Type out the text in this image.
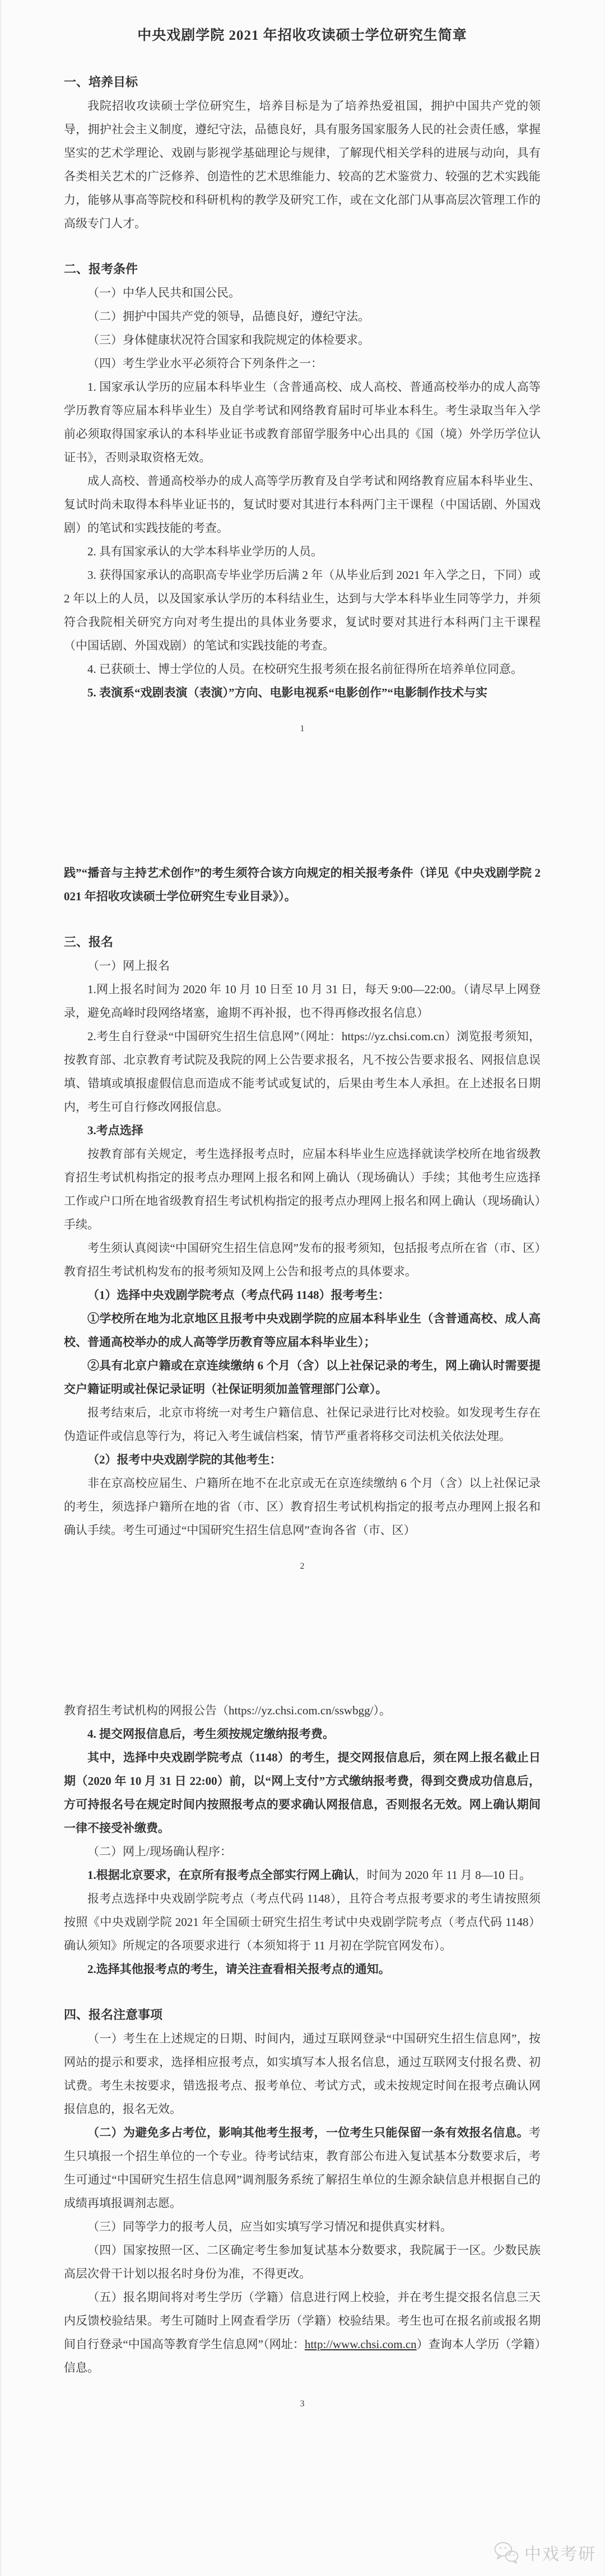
中央戏剧学院 2021 年招收攻读硕士学位研究生简章
一、培养目标

我院招收攻读硕士学位研究生，培养目标是为了培养热爱祖国，拥护中国共产党的领导，拥护社会主义制度，遵纪守法，品德良好，具有服务国家服务人民的社会责任感，掌握坚实的艺术学理论、戏剧与影视学基础理论与规律，了解现代相关学科的进展与动向，具有各类相关艺术的广泛修养、创造性的艺术思维能力、较高的艺术鉴赏力、较强的艺术实践能力，能够从事高等院校和科研机构的教学及研究工作，或在文化部门从事高层次管理工作的高级专门人才。

二、报考条件

（一）中华人民共和国公民。

（二）拥护中国共产党的领导，品德良好，遵纪守法。

（三）身体健康状况符合国家和我院规定的体检要求。

（四）考生学业水平必须符合下列条件之一：

1. 国家承认学历的应届本科毕业生（含普通高校、成人高校、普通高校举办的成人高等学历教育等应届本科毕业生）及自学考试和网络教育届时可毕业本科生。考生录取当年入学前必须取得国家承认的本科毕业证书或教育部留学服务中心出具的《国（境）外学历学位认证书》，否则录取资格无效。

成人高校、普通高校举办的成人高等学历教育及自学考试和网络教育应届本科毕业生、复试时尚未取得本科毕业证书的，复试时要对其进行本科两门主干课程（中国话剧、外国戏剧）的笔试和实践技能的考查。

2. 具有国家承认的大学本科毕业学历的人员。

3. 获得国家承认的高职高专毕业学历后满 2 年（从毕业后到 2021 年入学之日，下同）或 2 年以上的人员，以及国家承认学历的本科结业生，达到与大学本科毕业生同等学力，并须符合我院相关研究方向对考生提出的具体业务要求，复试时要对其进行本科两门主干课程（中国话剧、外国戏剧）的笔试和实践技能的考查。

4. 已获硕士、博士学位的人员。在校研究生报考须在报名前征得所在培养单位同意。

5. 表演系“戏剧表演（表演）”方向、电影电视系“电影创作”“电影制作技术与实

1

践”“播音与主持艺术创作”的考生须符合该方向规定的相关报考条件（详见《中央戏剧学院 2021 年招收攻读硕士学位研究生专业目录》）。

三、报名

（一）网上报名

1.网上报名时间为 2020 年 10 月 10 日至 10 月 31 日，每天 9:00—22:00。（请尽早上网登录，避免高峰时段网络堵塞，逾期不再补报，也不得再修改报名信息）

2.考生自行登录“中国研究生招生信息网”（网址：https://yz.chsi.com.cn）浏览报考须知，按教育部、北京教育考试院及我院的网上公告要求报名，凡不按公告要求报名、网报信息误填、错填或填报虚假信息而造成不能考试或复试的，后果由考生本人承担。在上述报名日期内，考生可自行修改网报信息。

3.考点选择

按教育部有关规定，考生选择报考点时，应届本科毕业生应选择就读学校所在地省级教育招生考试机构指定的报考点办理网上报名和网上确认（现场确认）手续；其他考生应选择工作或户口所在地省级教育招生考试机构指定的报考点办理网上报名和网上确认（现场确认）手续。

考生须认真阅读“中国研究生招生信息网”发布的报考须知，包括报考点所在省（市、区）教育招生考试机构发布的报考须知及网上公告和报考点的具体要求。

（1）选择中央戏剧学院考点（考点代码 1148）报考考生：

①学校所在地为北京地区且报考中央戏剧学院的应届本科毕业生（含普通高校、成人高校、普通高校举办的成人高等学历教育等应届本科毕业生）；

②具有北京户籍或在京连续缴纳 6 个月（含）以上社保记录的考生，网上确认时需要提交户籍证明或社保记录证明（社保证明须加盖管理部门公章）。

报考结束后，北京市将统一对考生户籍信息、社保记录进行比对校验。如发现考生存在伪造证件或信息等行为，将记入考生诚信档案，情节严重者将移交司法机关依法处理。

（2）报考中央戏剧学院的其他考生：

非在京高校应届生、户籍所在地不在北京或无在京连续缴纳 6 个月（含）以上社保记录的考生，须选择户籍所在地的省（市、区）教育招生考试机构指定的报考点办理网上报名和确认手续。考生可通过“中国研究生招生信息网”查询各省（市、区）

2

教育招生考试机构的网报公告（https://yz.chsi.com.cn/sswbgg/）。

4. 提交网报信息后，考生须按规定缴纳报考费。

其中，选择中央戏剧学院考点（1148）的考生，提交网报信息后，须在网上报名截止日期（2020 年 10 月 31 日 22:00）前，以“网上支付”方式缴纳报考费，得到交费成功信息后，方可持报名号在规定时间内按照报考点的要求确认网报信息，否则报名无效。网上确认期间一律不接受补缴费。

（二）网上/现场确认程序：

1.根据北京要求，在京所有报考点全部实行网上确认，时间为 2020 年 11 月 8—10 日。

报考点选择中央戏剧学院考点（考点代码 1148），且符合考点报考要求的考生请按照须按照《中央戏剧学院 2021 年全国硕士研究生招生考试中央戏剧学院考点（考点代码 1148）确认须知》所规定的各项要求进行（本须知将于 11 月初在学院官网发布）。

2.选择其他报考点的考生，请关注查看相关报考点的通知。

四、报名注意事项

（一）考生在上述规定的日期、时间内，通过互联网登录“中国研究生招生信息网”，按网站的提示和要求，选择相应报考点，如实填写本人报名信息，通过互联网支付报名费、初试费。考生未按要求，错选报考点、报考单位、考试方式，或未按规定时间在报考点确认网报信息的，报名无效。

（二）为避免多占考位，影响其他考生报考，一位考生只能保留一条有效报名信息。考生只填报一个招生单位的一个专业。待考试结束，教育部公布进入复试基本分数要求后，考生可通过“中国研究生招生信息网”调剂服务系统了解招生单位的生源余缺信息并根据自己的成绩再填报调剂志愿。

（三）同等学力的报考人员，应当如实填写学习情况和提供真实材料。

（四）国家按照一区、二区确定考生参加复试基本分数要求，我院属于一区。少数民族高层次骨干计划以报名时身份为准，不得更改。

（五）报名期间将对考生学历（学籍）信息进行网上校验，并在考生提交报名信息三天内反馈校验结果。考生可随时上网查看学历（学籍）校验结果。考生也可在报名前或报名期间自行登录“中国高等教育学生信息网”（网址：http://www.chsi.com.cn）查询本人学历（学籍）信息。

3
中戏考研
